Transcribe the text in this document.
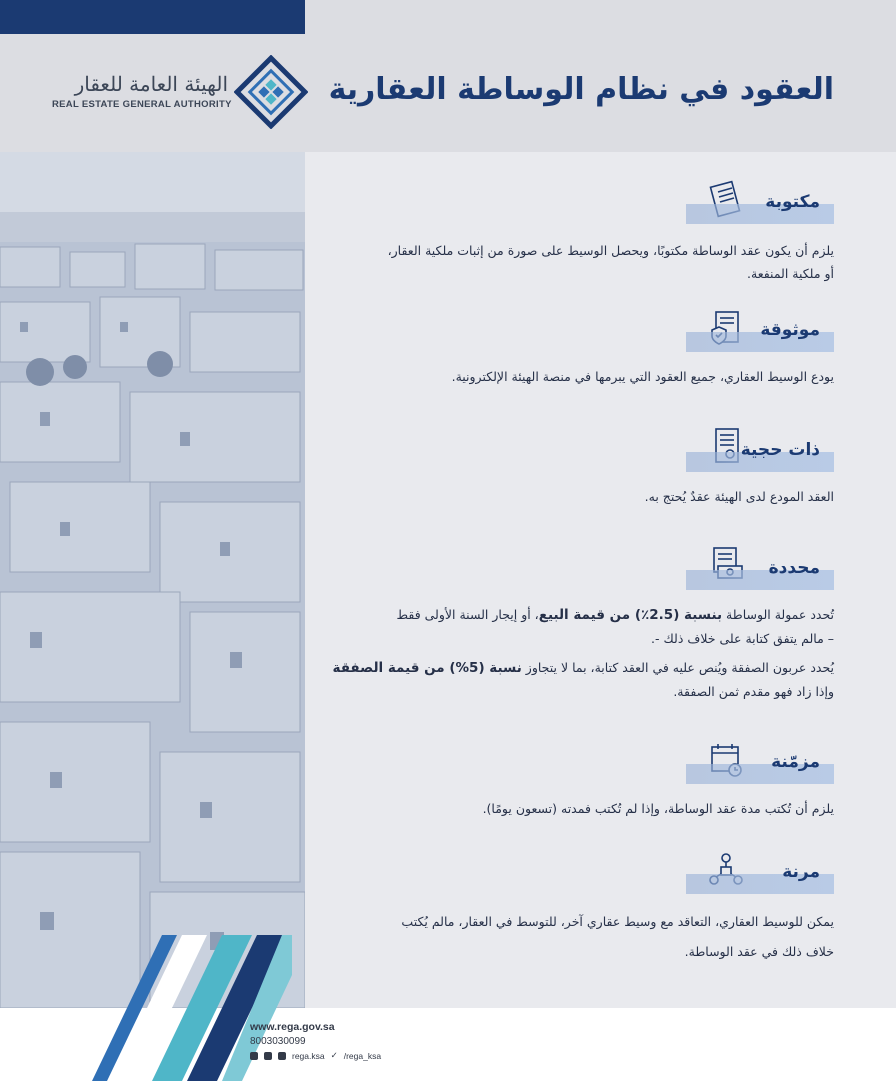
العقود في نظام الوساطة العقارية
الهيئة العامة للعقار
REAL ESTATE GENERAL AUTHORITY
مكتوبة
يلزم أن يكون عقد الوساطة مكتوبًا، ويحصل الوسيط على صورة من إثبات ملكية العقار،
أو ملكية المنفعة.
موثوقة
يودع الوسيط العقاري، جميع العقود التي يبرمها في منصة الهيئة الإلكترونية.
ذات حجية
العقد المودع لدى الهيئة عقدٌ يُحتج به.
محددة
تُحدد عمولة الوساطة بنسبة (2.5٪) من قيمة البيع، أو إيجار السنة الأولى فقط
– مالم يتفق كتابة على خلاف ذلك -.
يُحدد عربون الصفقة ويُنص عليه في العقد كتابة، بما لا يتجاوز نسبة (5%) من قيمة الصفقة
وإذا زاد فهو مقدم ثمن الصفقة.
مزمّنة
يلزم أن تُكتب مدة عقد الوساطة، وإذا لم تُكتب فمدته (تسعون يومًا).
مرنة
يمكن للوسيط العقاري، التعاقد مع وسيط عقاري آخر، للتوسط في العقار، مالم يُكتب
خلاف ذلك في عقد الوساطة.
www.rega.gov.sa
8003030099
rega.ksa ✓ /rega_ksa
